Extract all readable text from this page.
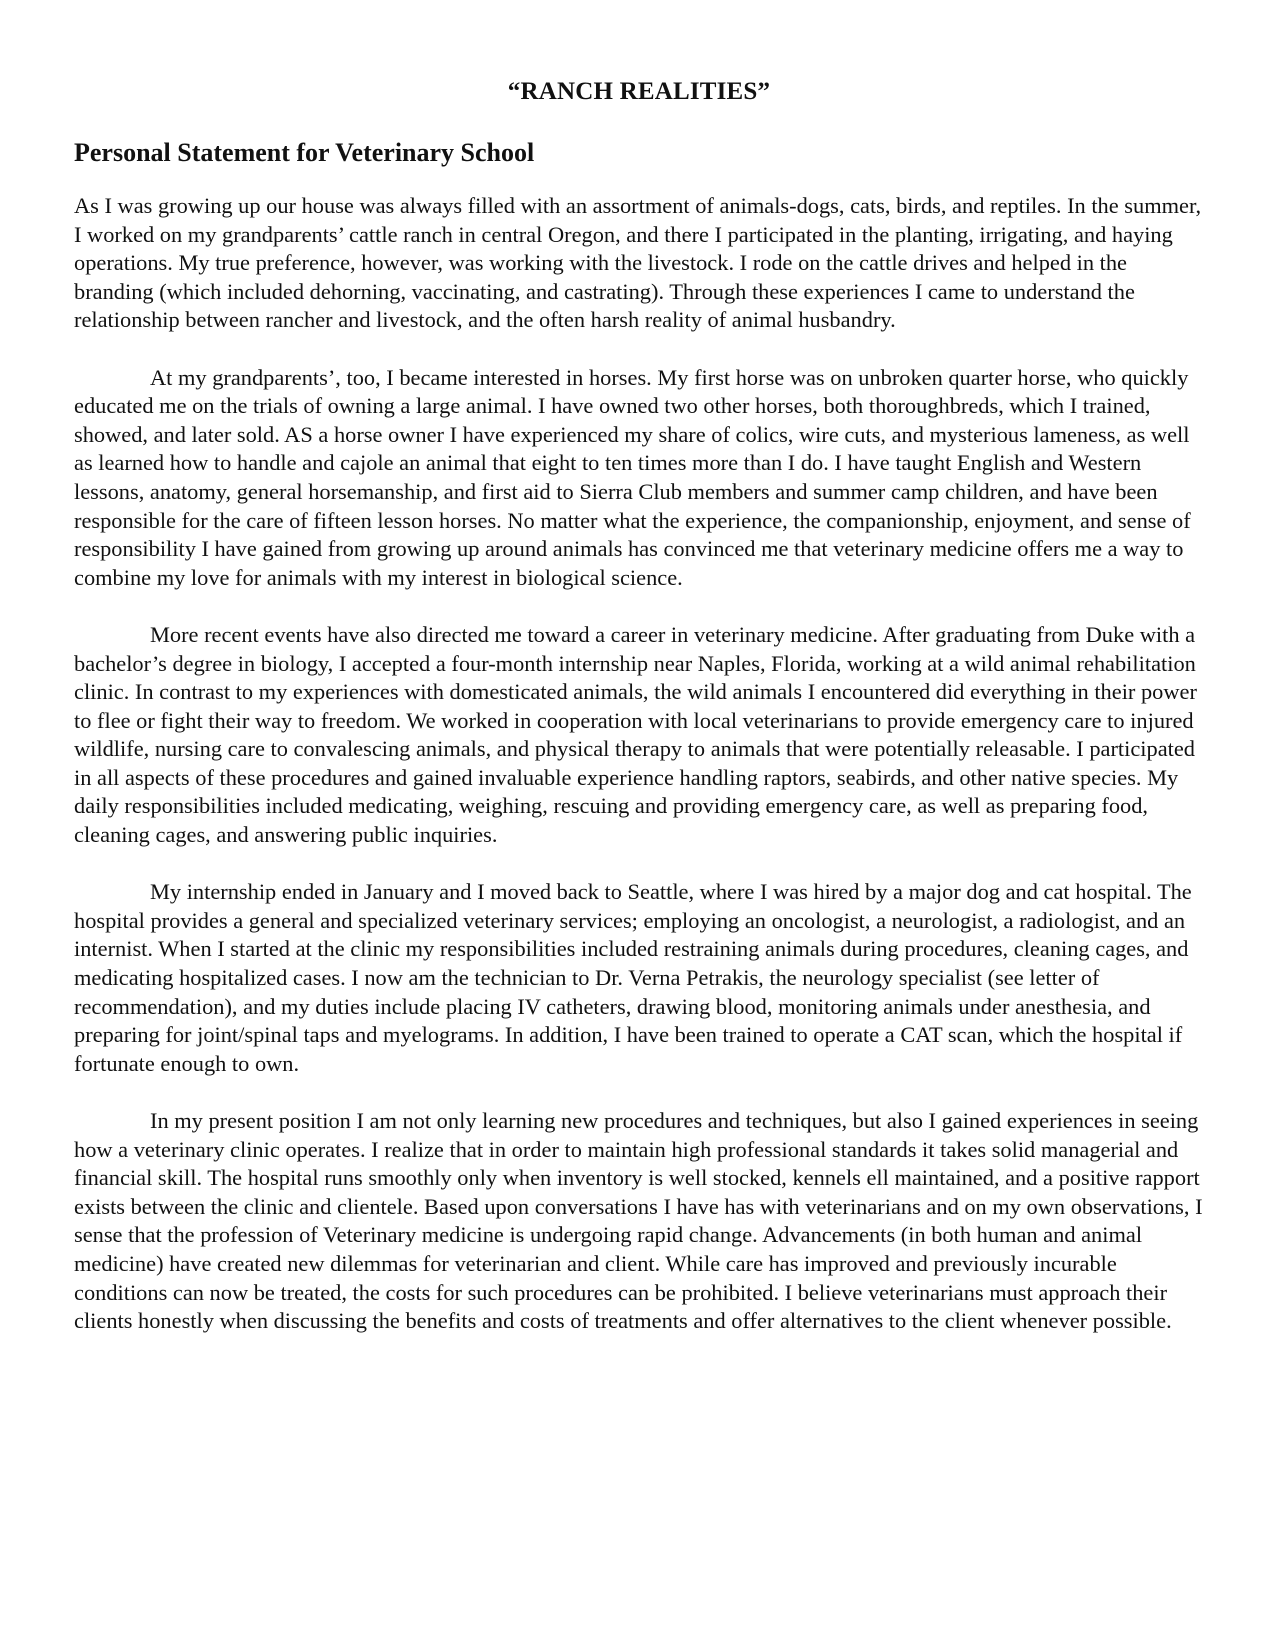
“RANCH REALITIES”
Personal Statement for Veterinary School

As I was growing up our house was always filled with an assortment of animals-dogs, cats, birds, and reptiles. In the summer, I worked on my grandparents’ cattle ranch in central Oregon, and there I participated in the planting, irrigating, and haying operations. My true preference, however, was working with the livestock. I rode on the cattle drives and helped in the branding (which included dehorning, vaccinating, and castrating). Through these experiences I came to understand the relationship between rancher and livestock, and the often harsh reality of animal husbandry.

At my grandparents’, too, I became interested in horses. My first horse was on unbroken quarter horse, who quickly educated me on the trials of owning a large animal. I have owned two other horses, both thoroughbreds, which I trained, showed, and later sold. AS a horse owner I have experienced my share of colics, wire cuts, and mysterious lameness, as well as learned how to handle and cajole an animal that eight to ten times more than I do. I have taught English and Western lessons, anatomy, general horsemanship, and first aid to Sierra Club members and summer camp children, and have been responsible for the care of fifteen lesson horses. No matter what the experience, the companionship, enjoyment, and sense of responsibility I have gained from growing up around animals has convinced me that veterinary medicine offers me a way to combine my love for animals with my interest in biological science.

More recent events have also directed me toward a career in veterinary medicine. After graduating from Duke with a bachelor’s degree in biology, I accepted a four-month internship near Naples, Florida, working at a wild animal rehabilitation clinic. In contrast to my experiences with domesticated animals, the wild animals I encountered did everything in their power to flee or fight their way to freedom. We worked in cooperation with local veterinarians to provide emergency care to injured wildlife, nursing care to convalescing animals, and physical therapy to animals that were potentially releasable. I participated in all aspects of these procedures and gained invaluable experience handling raptors, seabirds, and other native species. My daily responsibilities included medicating, weighing, rescuing and providing emergency care, as well as preparing food, cleaning cages, and answering public inquiries.

My internship ended in January and I moved back to Seattle, where I was hired by a major dog and cat hospital. The hospital provides a general and specialized veterinary services; employing an oncologist, a neurologist, a radiologist, and an internist. When I started at the clinic my responsibilities included restraining animals during procedures, cleaning cages, and medicating hospitalized cases. I now am the technician to Dr. Verna Petrakis, the neurology specialist (see letter of recommendation), and my duties include placing IV catheters, drawing blood, monitoring animals under anesthesia, and preparing for joint/spinal taps and myelograms. In addition, I have been trained to operate a CAT scan, which the hospital if fortunate enough to own.

In my present position I am not only learning new procedures and techniques, but also I gained experiences in seeing how a veterinary clinic operates. I realize that in order to maintain high professional standards it takes solid managerial and financial skill. The hospital runs smoothly only when inventory is well stocked, kennels ell maintained, and a positive rapport exists between the clinic and clientele. Based upon conversations I have has with veterinarians and on my own observations, I sense that the profession of Veterinary medicine is undergoing rapid change. Advancements (in both human and animal medicine) have created new dilemmas for veterinarian and client. While care has improved and previously incurable conditions can now be treated, the costs for such procedures can be prohibited. I believe veterinarians must approach their clients honestly when discussing the benefits and costs of treatments and offer alternatives to the client whenever possible.
